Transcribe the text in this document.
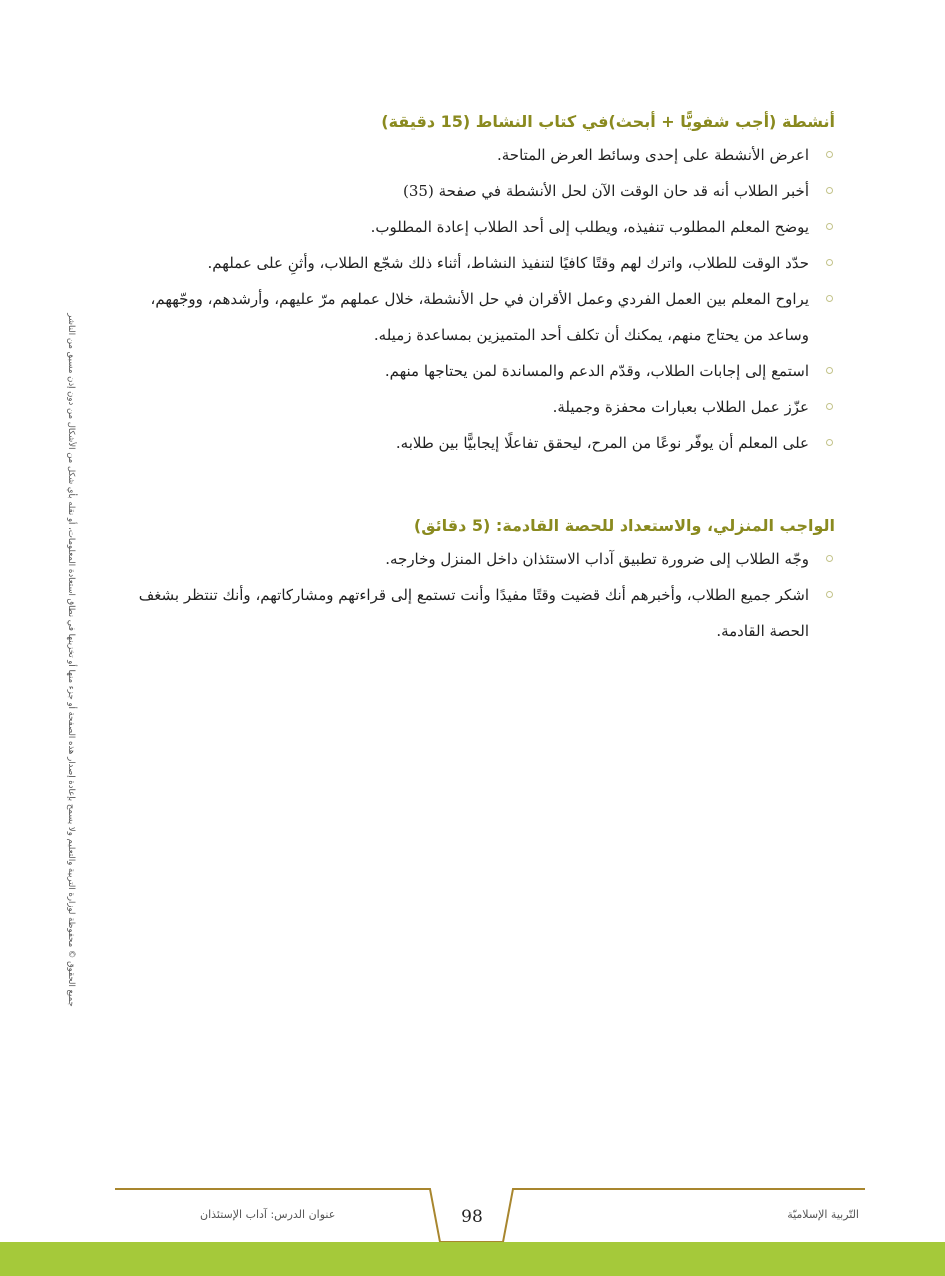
أنشطة (أجب شفويًّا + أبحث)في كتاب النشاط (15 دقيقة)
اعرض الأنشطة على إحدى وسائط العرض المتاحة.
أخبر الطلاب أنه قد حان الوقت الآن لحل الأنشطة في صفحة (35)
يوضح المعلم المطلوب تنفيذه، ويطلب إلى أحد الطلاب إعادة المطلوب.
حدّد الوقت للطلاب، واترك لهم وقتًا كافيًا لتنفيذ النشاط، أثناء ذلك شجّع الطلاب، وأثنِ على عملهم.
يراوح المعلم بين العمل الفردي وعمل الأقران في حل الأنشطة، خلال عملهم مرّ عليهم، وأرشدهم، ووجّههم، وساعد من يحتاج منهم، يمكنك أن تكلف أحد المتميزين بمساعدة زميله.
استمع إلى إجابات الطلاب، وقدّم الدعم والمساندة لمن يحتاجها منهم.
عزّز عمل الطلاب بعبارات محفزة وجميلة.
على المعلم أن يوفّر نوعًا من المرح، ليحقق تفاعلًا إيجابيًّا بين طلابه.
الواجب المنزلي، والاستعداد للحصة القادمة: (5 دقائق)
وجّه الطلاب إلى ضرورة تطبيق آداب الاستئذان داخل المنزل وخارجه.
اشكر جميع الطلاب، وأخبرهم أنك قضيت وقتًا مفيدًا وأنت تستمع إلى قراءتهم ومشاركاتهم، وأنك تنتظر بشغف الحصة القادمة.
جميع الحقوق © محفوظة لوزارة التربية والتعليم ولا يسمح بإعادة إصدار هذه الصفحة أو جزء منها أو تخزينها في نطاق استعادة المعلومات، أو نقله بأي شكل من الأشكال من دون إذن مسبق من الناشر
عنوان الدرس: آداب الإستئذان	98	التّربية الإسلاميّة
